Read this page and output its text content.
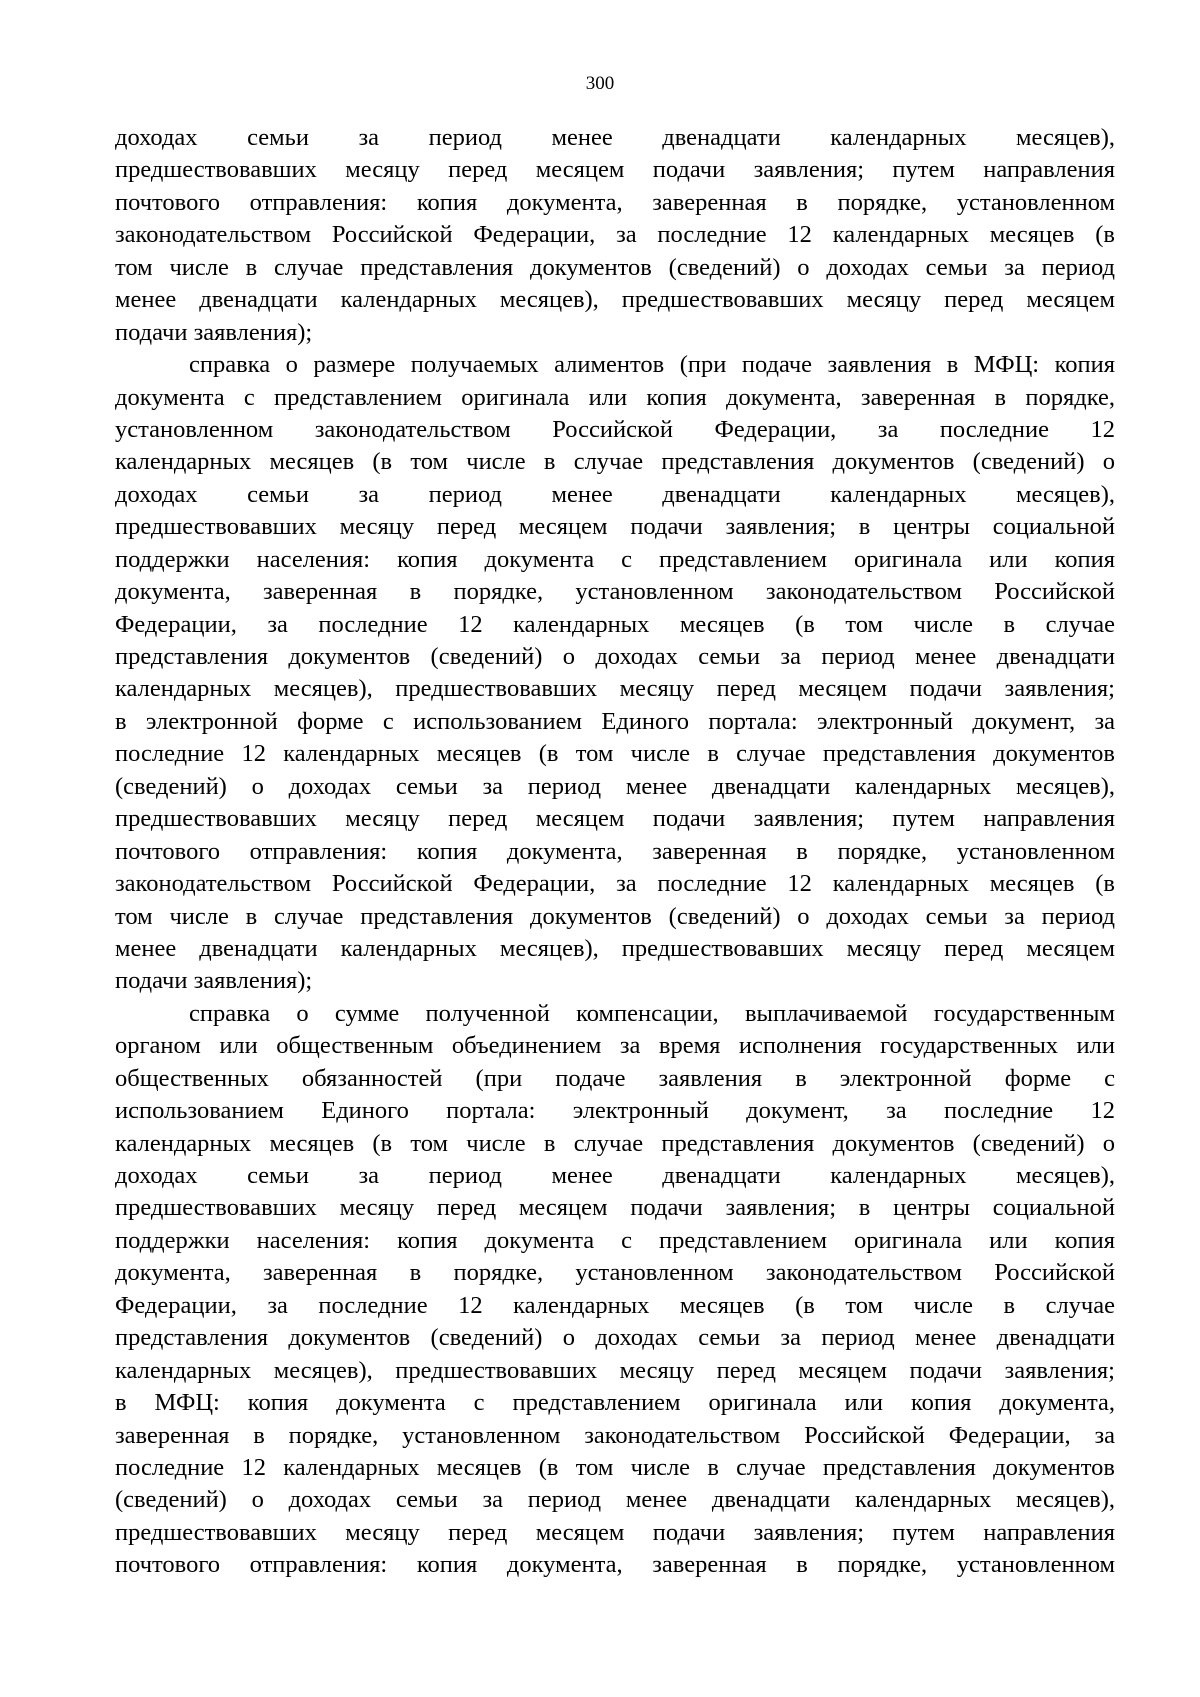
300
доходах семьи за период менее двенадцати календарных месяцев),
предшествовавших месяцу перед месяцем подачи заявления; путем направления
почтового отправления: копия документа, заверенная в порядке, установленном
законодательством Российской Федерации, за последние 12 календарных месяцев (в
том числе в случае представления документов (сведений) о доходах семьи за период
менее двенадцати календарных месяцев), предшествовавших месяцу перед месяцем
подачи заявления);
справка о размере получаемых алиментов (при подаче заявления в МФЦ: копия
документа с представлением оригинала или копия документа, заверенная в порядке,
установленном законодательством Российской Федерации, за последние 12
календарных месяцев (в том числе в случае представления документов (сведений) о
доходах семьи за период менее двенадцати календарных месяцев),
предшествовавших месяцу перед месяцем подачи заявления; в центры социальной
поддержки населения: копия документа с представлением оригинала или копия
документа, заверенная в порядке, установленном законодательством Российской
Федерации, за последние 12 календарных месяцев (в том числе в случае
представления документов (сведений) о доходах семьи за период менее двенадцати
календарных месяцев), предшествовавших месяцу перед месяцем подачи заявления;
в электронной форме с использованием Единого портала: электронный документ, за
последние 12 календарных месяцев (в том числе в случае представления документов
(сведений) о доходах семьи за период менее двенадцати календарных месяцев),
предшествовавших месяцу перед месяцем подачи заявления; путем направления
почтового отправления: копия документа, заверенная в порядке, установленном
законодательством Российской Федерации, за последние 12 календарных месяцев (в
том числе в случае представления документов (сведений) о доходах семьи за период
менее двенадцати календарных месяцев), предшествовавших месяцу перед месяцем
подачи заявления);
справка о сумме полученной компенсации, выплачиваемой государственным
органом или общественным объединением за время исполнения государственных или
общественных обязанностей (при подаче заявления в электронной форме с
использованием Единого портала: электронный документ, за последние 12
календарных месяцев (в том числе в случае представления документов (сведений) о
доходах семьи за период менее двенадцати календарных месяцев),
предшествовавших месяцу перед месяцем подачи заявления; в центры социальной
поддержки населения: копия документа с представлением оригинала или копия
документа, заверенная в порядке, установленном законодательством Российской
Федерации, за последние 12 календарных месяцев (в том числе в случае
представления документов (сведений) о доходах семьи за период менее двенадцати
календарных месяцев), предшествовавших месяцу перед месяцем подачи заявления;
в МФЦ: копия документа с представлением оригинала или копия документа,
заверенная в порядке, установленном законодательством Российской Федерации, за
последние 12 календарных месяцев (в том числе в случае представления документов
(сведений) о доходах семьи за период менее двенадцати календарных месяцев),
предшествовавших месяцу перед месяцем подачи заявления; путем направления
почтового отправления: копия документа, заверенная в порядке, установленном
